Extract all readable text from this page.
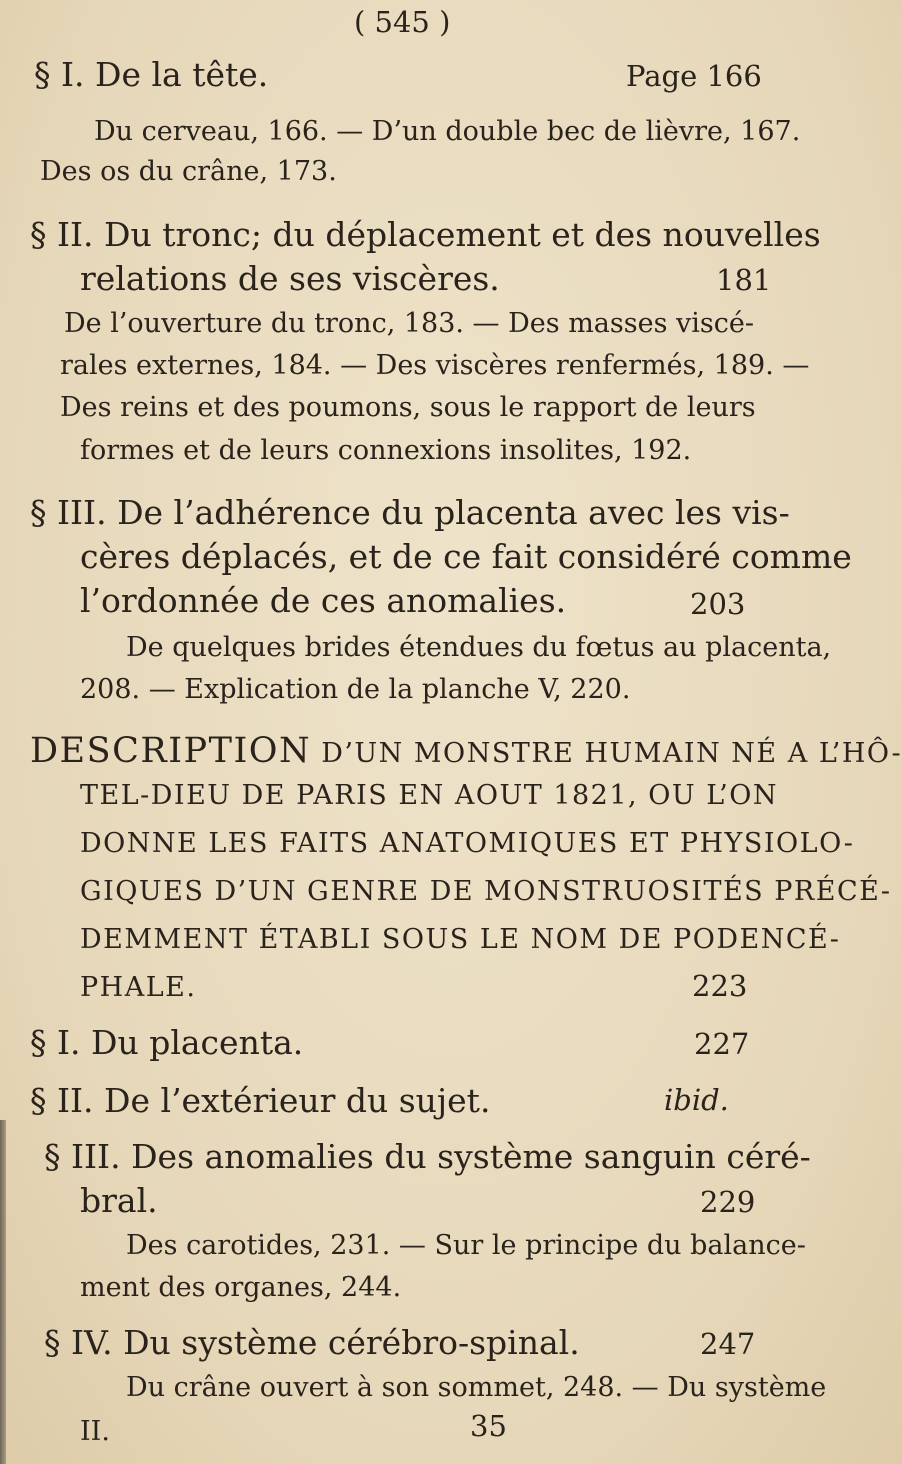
( 545 )
§ I. De la tête.	Page 166
Du cerveau, 166. — D’un double bec de lièvre, 167.
Des os du crâne, 173.
§ II. Du tronc; du déplacement et des nouvelles
relations de ses viscères.	181
De l’ouverture du tronc, 183. — Des masses viscé-
rales externes, 184. — Des viscères renfermés, 189. —
Des reins et des poumons, sous le rapport de leurs
formes et de leurs connexions insolites, 192.
§ III. De l’adhérence du placenta avec les vis-
cères déplacés, et de ce fait considéré comme
l’ordonnée de ces anomalies.	203
De quelques brides étendues du fœtus au placenta,
208. — Explication de la planche V, 220.
DESCRIPTION D’UN MONSTRE HUMAIN NÉ A L’HÔ-
TEL-DIEU DE PARIS EN AOUT 1821, OU L’ON
DONNE LES FAITS ANATOMIQUES ET PHYSIOLO-
GIQUES D’UN GENRE DE MONSTRUOSITÉS PRÉCÉ-
DEMMENT ÉTABLI SOUS LE NOM DE PODENCÉ-
PHALE.	223
§ I. Du placenta.	227
§ II. De l’extérieur du sujet.	ibid.
§ III. Des anomalies du système sanguin céré-
bral.	229
Des carotides, 231. — Sur le principe du balance-
ment des organes, 244.
§ IV. Du système cérébro-spinal.	247
Du crâne ouvert à son sommet, 248. — Du système
II.	35
